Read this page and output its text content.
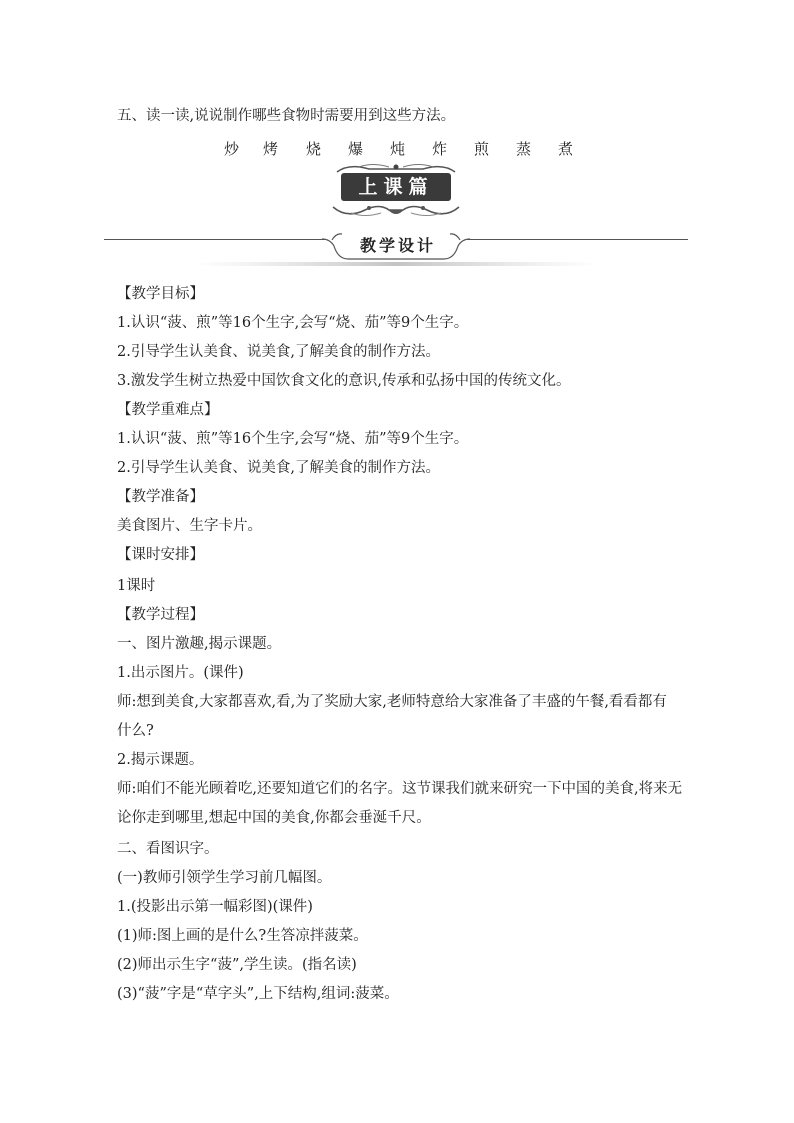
五、读一读,说说制作哪些食物时需要用到这些方法。
炒 烤 烧 爆 炖 炸 煎 蒸 煮
上课篇
教学设计
【教学目标】
1.认识“菠、煎”等16个生字,会写“烧、茄”等9个生字。
2.引导学生认美食、说美食,了解美食的制作方法。
3.激发学生树立热爱中国饮食文化的意识,传承和弘扬中国的传统文化。
【教学重难点】
1.认识“菠、煎”等16个生字,会写“烧、茄”等9个生字。
2.引导学生认美食、说美食,了解美食的制作方法。
【教学准备】
美食图片、生字卡片。
【课时安排】
1课时
【教学过程】
一、图片激趣,揭示课题。
1.出示图片。(课件)
师:想到美食,大家都喜欢,看,为了奖励大家,老师特意给大家准备了丰盛的午餐,看看都有
什么?
2.揭示课题。
师:咱们不能光顾着吃,还要知道它们的名字。这节课我们就来研究一下中国的美食,将来无
论你走到哪里,想起中国的美食,你都会垂涎千尺。
二、看图识字。
(一)教师引领学生学习前几幅图。
1.(投影出示第一幅彩图)(课件)
(1)师:图上画的是什么?生答凉拌菠菜。
(2)师出示生字“菠”,学生读。(指名读)
(3)“菠”字是“草字头”,上下结构,组词:菠菜。
